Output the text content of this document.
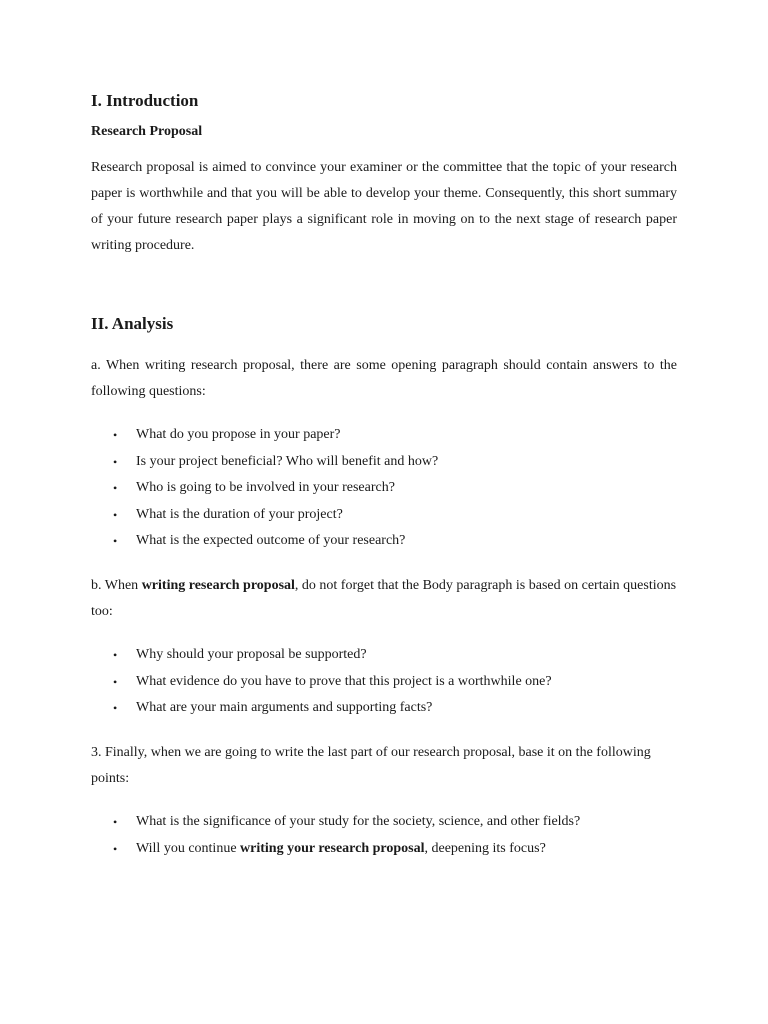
I. Introduction

Research Proposal

Research proposal is aimed to convince your examiner or the committee that the topic of your research paper is worthwhile and that you will be able to develop your theme. Consequently, this short summary of your future research paper plays a significant role in moving on to the next stage of research paper writing procedure.

II. Analysis

a. When writing research proposal, there are some opening paragraph should contain answers to the following questions:

• What do you propose in your paper?
• Is your project beneficial? Who will benefit and how?
• Who is going to be involved in your research?
• What is the duration of your project?
• What is the expected outcome of your research?

b. When writing research proposal, do not forget that the Body paragraph is based on certain questions too:

• Why should your proposal be supported?
• What evidence do you have to prove that this project is a worthwhile one?
• What are your main arguments and supporting facts?

3. Finally, when we are going to write the last part of our research proposal, base it on the following points:

• What is the significance of your study for the society, science, and other fields?
• Will you continue writing your research proposal, deepening its focus?
